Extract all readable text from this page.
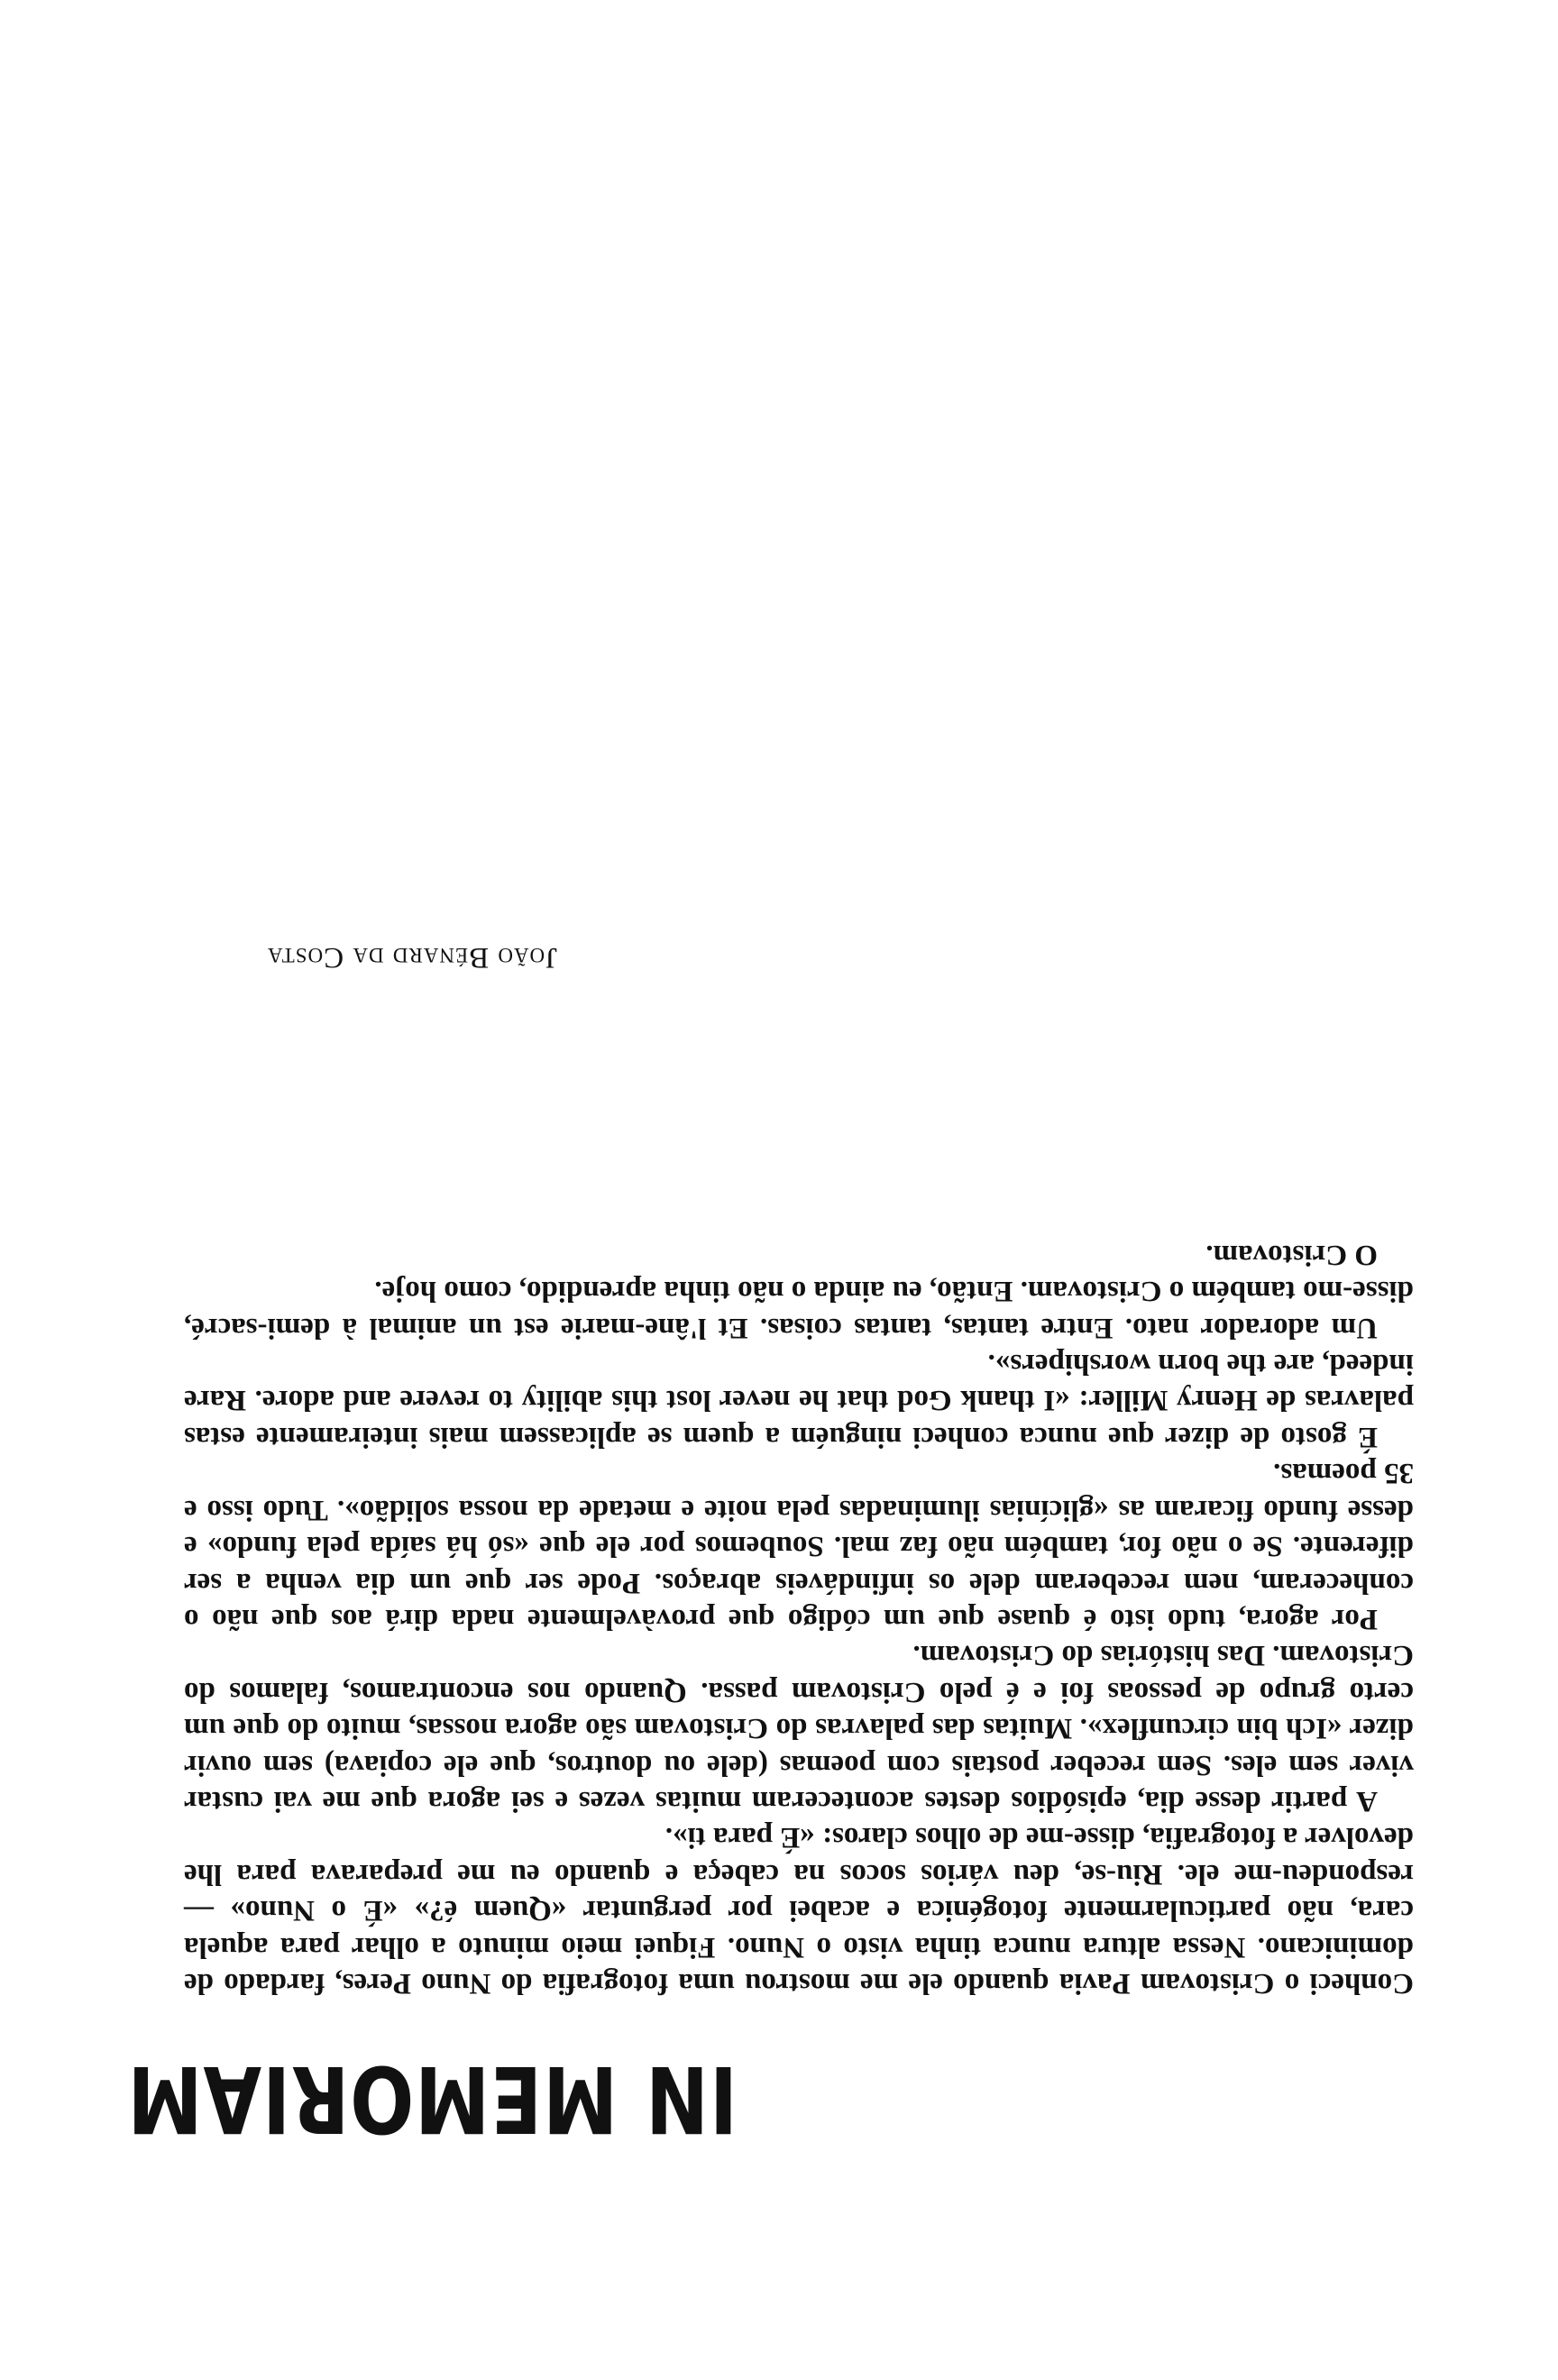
IN MEMORIAM

Conheci o Cristovam Pavia quando ele me mostrou uma fotografia do Nuno Peres, fardado de dominicano. Nessa altura nunca tinha visto o Nuno. Fiquei meio minuto a olhar para aquela cara, não particularmente fotogénica e acabei por perguntar «Quem é?» «É o Nuno» — respondeu-me ele. Riu-se, deu vários socos na cabeça e quando eu me preparava para lhe devolver a fotografia, disse-me de olhos claros: «É para ti».

A partir desse dia, episódios destes aconteceram muitas vezes e sei agora que me vai custar viver sem eles. Sem receber postais com poemas (dele ou doutros, que ele copiava) sem ouvir dizer «Ich bin circunflex». Muitas das palavras do Cristovam são agora nossas, muito do que um certo grupo de pessoas foi e é pelo Cristovam passa. Quando nos encontramos, falamos do Cristovam. Das histórias do Cristovam.

Por agora, tudo isto é quase que um código que provàvelmente nada dirá aos que não o conheceram, nem receberam dele os infindáveis abraços. Pode ser que um dia venha a ser diferente. Se o não for, também não faz mal. Soubemos por ele que «só há saída pela fundo» e desse fundo ficaram as «glicínias iluminadas pela noite e metade da nossa solidão». Tudo isso e 35 poemas.

É gosto de dizer que nunca conheci ninguém a quem se aplicassem mais inteiramente estas palavras de Henry Miller: «I thank God that he never lost this ability to revere and adore. Rare indeed, are the born worshipers».

Um adorador nato. Entre tantas, tantas coisas. Et l'âne-marie est un animal à demi-sacré, disse-mo também o Cristovam. Então, eu ainda o não tinha aprendido, como hoje.

O Cristovam.

João Bénard da Costa
